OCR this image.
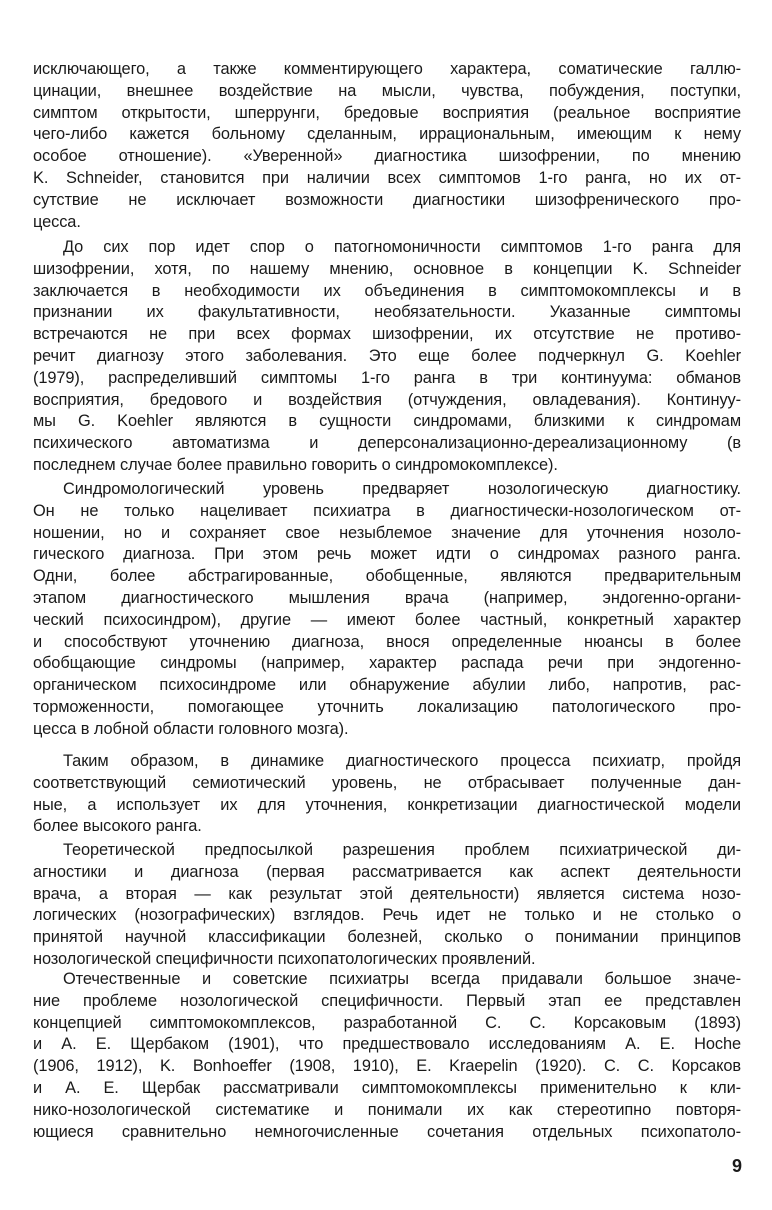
исключающего, а также комментирующего характера, соматические галлю-
цинации, внешнее воздействие на мысли, чувства, побуждения, поступки,
симптом открытости, шперрунги, бредовые восприятия (реальное восприятие
чего-либо кажется больному сделанным, иррациональным, имеющим к нему
особое отношение). «Уверенной» диагностика шизофрении, по мнению
K. Schneider, становится при наличии всех симптомов 1-го ранга, но их от-
сутствие не исключает возможности диагностики шизофренического про-
цесса.
До сих пор идет спор о патогномоничности симптомов 1-го ранга для
шизофрении, хотя, по нашему мнению, основное в концепции K. Schneider
заключается в необходимости их объединения в симптомокомплексы и в
признании их факультативности, необязательности. Указанные симптомы
встречаются не при всех формах шизофрении, их отсутствие не противо-
речит диагнозу этого заболевания. Это еще более подчеркнул G. Koehler
(1979), распределивший симптомы 1-го ранга в три континуума: обманов
восприятия, бредового и воздействия (отчуждения, овладевания). Континуу-
мы G. Koehler являются в сущности синдромами, близкими к синдромам
психического автоматизма и деперсонализационно-дереализационному (в
последнем случае более правильно говорить о синдромокомплексе).
Синдромологический уровень предваряет нозологическую диагностику.
Он не только нацеливает психиатра в диагностически-нозологическом от-
ношении, но и сохраняет свое незыблемое значение для уточнения нозоло-
гического диагноза. При этом речь может идти о синдромах разного ранга.
Одни, более абстрагированные, обобщенные, являются предварительным
этапом диагностического мышления врача (например, эндогенно-органи-
ческий психосиндром), другие — имеют более частный, конкретный характер
и способствуют уточнению диагноза, внося определенные нюансы в более
обобщающие синдромы (например, характер распада речи при эндогенно-
органическом психосиндроме или обнаружение абулии либо, напротив, рас-
торможенности, помогающее уточнить локализацию патологического про-
цесса в лобной области головного мозга).
Таким образом, в динамике диагностического процесса психиатр, пройдя
соответствующий семиотический уровень, не отбрасывает полученные дан-
ные, а использует их для уточнения, конкретизации диагностической модели
более высокого ранга.
Теоретической предпосылкой разрешения проблем психиатрической ди-
агностики и диагноза (первая рассматривается как аспект деятельности
врача, а вторая — как результат этой деятельности) является система нозо-
логических (нозографических) взглядов. Речь идет не только и не столько о
принятой научной классификации болезней, сколько о понимании принципов
нозологической специфичности психопатологических проявлений.
Отечественные и советские психиатры всегда придавали большое значе-
ние проблеме нозологической специфичности. Первый этап ее представлен
концепцией симптомокомплексов, разработанной С. С. Корсаковым (1893)
и А. Е. Щербаком (1901), что предшествовало исследованиям A. E. Hoche
(1906, 1912), K. Bonhoeffer (1908, 1910), E. Kraepelin (1920). С. С. Корсаков
и А. Е. Щербак рассматривали симптомокомплексы применительно к кли-
нико-нозологической систематике и понимали их как стереотипно повторя-
ющиеся сравнительно немногочисленные сочетания отдельных психопатоло-
9
